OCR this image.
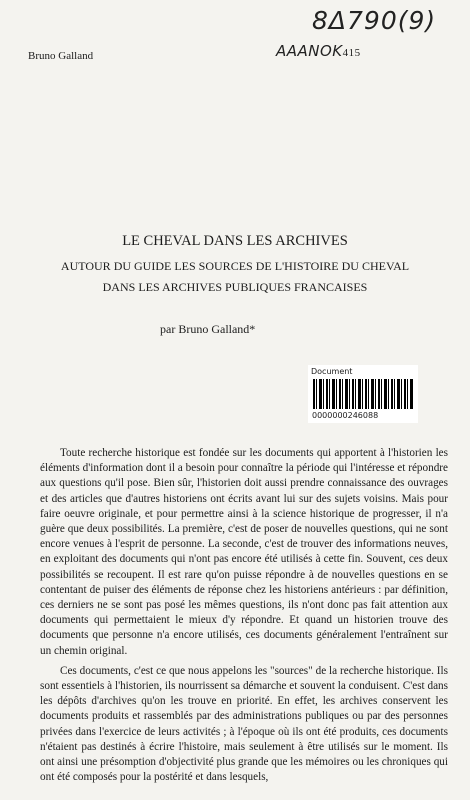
Bruno Galland
8Δ790(9)
AAANOK415
LE CHEVAL DANS LES ARCHIVES
AUTOUR DU GUIDE LES SOURCES DE L'HISTOIRE DU CHEVAL
DANS LES ARCHIVES PUBLIQUES FRANCAISES
par Bruno Galland*
Document
0000000246088

Toute recherche historique est fondée sur les documents qui apportent à l'historien les éléments d'information dont il a besoin pour connaître la période qui l'intéresse et répondre aux questions qu'il pose. Bien sûr, l'historien doit aussi prendre connaissance des ouvrages et des articles que d'autres historiens ont écrits avant lui sur des sujets voisins. Mais pour faire oeuvre originale, et pour permettre ainsi à la science historique de progresser, il n'a guère que deux possibilités. La première, c'est de poser de nouvelles questions, qui ne sont encore venues à l'esprit de personne. La seconde, c'est de trouver des informations neuves, en exploitant des documents qui n'ont pas encore été utilisés à cette fin. Souvent, ces deux possibilités se recoupent. Il est rare qu'on puisse répondre à de nouvelles questions en se contentant de puiser des éléments de réponse chez les historiens antérieurs : par définition, ces derniers ne se sont pas posé les mêmes questions, ils n'ont donc pas fait attention aux documents qui permettaient le mieux d'y répondre. Et quand un historien trouve des documents que personne n'a encore utilisés, ces documents généralement l'entraînent sur un chemin original.

Ces documents, c'est ce que nous appelons les "sources" de la recherche historique. Ils sont essentiels à l'historien, ils nourrissent sa démarche et souvent la conduisent. C'est dans les dépôts d'archives qu'on les trouve en priorité. En effet, les archives conservent les documents produits et rassemblés par des administrations publiques ou par des personnes privées dans l'exercice de leurs activités ; à l'époque où ils ont été produits, ces documents n'étaient pas destinés à écrire l'histoire, mais seulement à être utilisés sur le moment. Ils ont ainsi une présomption d'objectivité plus grande que les mémoires ou les chroniques qui ont été composés pour la postérité et dans lesquels,
